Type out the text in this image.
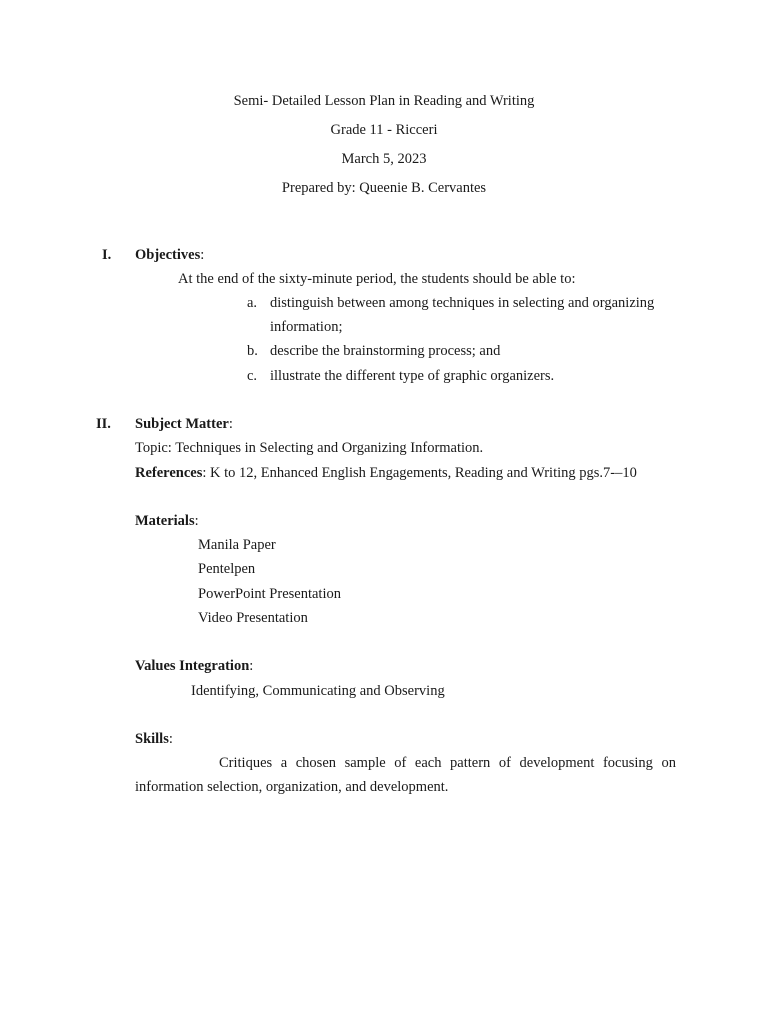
Semi- Detailed Lesson Plan in Reading and Writing
Grade 11 - Ricceri
March 5, 2023
Prepared by: Queenie B. Cervantes
I. Objectives:
At the end of the sixty-minute period, the students should be able to:
a. distinguish between among techniques in selecting and organizing
information;
b. describe the brainstorming process; and
c. illustrate the different type of graphic organizers.
II. Subject Matter:
Topic: Techniques in Selecting and Organizing Information.
References: K to 12, Enhanced English Engagements, Reading and Writing pgs.7-–10
Materials:
Manila Paper
Pentelpen
PowerPoint Presentation
Video Presentation
Values Integration:
Identifying, Communicating and Observing
Skills:
Critiques a chosen sample of each pattern of development focusing on information selection, organization, and development.
